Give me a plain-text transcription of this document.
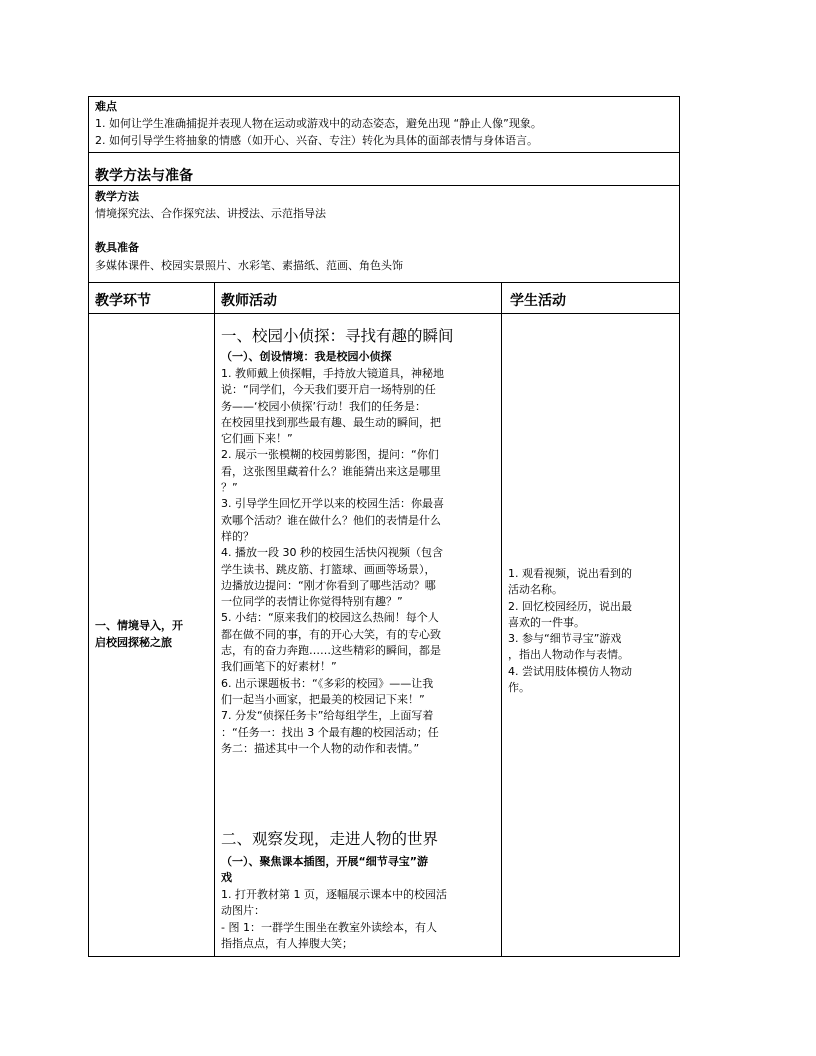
难点
1. 如何让学生准确捕捉并表现人物在运动或游戏中的动态姿态，避免出现 “静止人像”现象。
2. 如何引导学生将抽象的情感（如开心、兴奋、专注）转化为具体的面部表情与身体语言。
教学方法与准备
教学方法
情境探究法、合作探究法、讲授法、示范指导法
教具准备
多媒体课件、校园实景照片、水彩笔、素描纸、范画、角色头饰
教学环节	教师活动	学生活动
一、情境导入，开
启校园探秘之旅
一、校园小侦探：寻找有趣的瞬间
（一）、创设情境：我是校园小侦探
1. 教师戴上侦探帽，手持放大镜道具，神秘地
说：“同学们，今天我们要开启一场特别的任
务——‘校园小侦探’行动！我们的任务是：
在校园里找到那些最有趣、最生动的瞬间，把
它们画下来！”
2. 展示一张模糊的校园剪影图，提问：“你们
看，这张图里藏着什么？谁能猜出来这是哪里
？”
3. 引导学生回忆开学以来的校园生活：你最喜
欢哪个活动？谁在做什么？他们的表情是什么
样的？
4. 播放一段 30 秒的校园生活快闪视频（包含
学生读书、跳皮筋、打篮球、画画等场景），
边播放边提问：“刚才你看到了哪些活动？哪
一位同学的表情让你觉得特别有趣？”
5. 小结：“原来我们的校园这么热闹！每个人
都在做不同的事，有的开心大笑，有的专心致
志，有的奋力奔跑……这些精彩的瞬间，都是
我们画笔下的好素材！”
6. 出示课题板书：“《多彩的校园》——让我
们一起当小画家，把最美的校园记下来！”
7. 分发“侦探任务卡”给每组学生，上面写着
：“任务一：找出 3 个最有趣的校园活动；任
务二：描述其中一个人物的动作和表情。”
二、观察发现，走进人物的世界
（一）、聚焦课本插图，开展“细节寻宝”游
戏
1. 打开教材第 1 页，逐幅展示课本中的校园活
动图片：
- 图 1：一群学生围坐在教室外读绘本，有人
指指点点，有人捧腹大笑；
1. 观看视频，说出看到的
活动名称。
2. 回忆校园经历，说出最
喜欢的一件事。
3. 参与“细节寻宝”游戏
，指出人物动作与表情。
4. 尝试用肢体模仿人物动
作。
